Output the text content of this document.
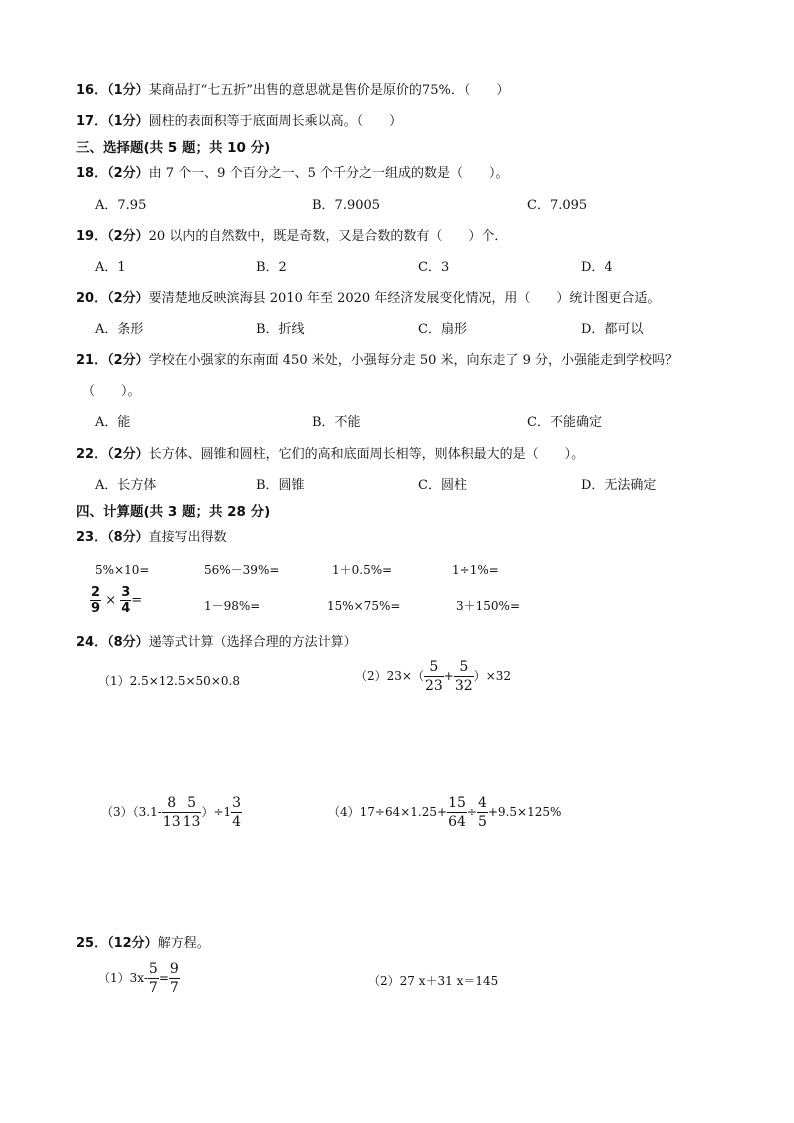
16．（1分）某商品打“七五折”出售的意思就是售价是原价的75%．（　　）
17．（1分）圆柱的表面积等于底面周长乘以高。（　　）
三、选择题(共 5 题；共 10 分)
18．（2分）由 7 个一、9 个百分之一、5 个千分之一组成的数是（　　）。
A．7.95	B．7.9005	C．7.095
19．（2分）20 以内的自然数中，既是奇数，又是合数的数有（　　）个．
A．1	B．2	C．3	D．4
20．（2分）要清楚地反映滨海县 2010 年至 2020 年经济发展变化情况，用（　　）统计图更合适。
A．条形	B．折线	C．扇形	D．都可以
21．（2分）学校在小强家的东南面 450 米处，小强每分走 50 米，向东走了 9 分，小强能走到学校吗？
（　　）。
A．能	B．不能	C．不能确定
22．（2分）长方体、圆锥和圆柱，它们的高和底面周长相等，则体积最大的是（　　）。
A．长方体	B．圆锥	C．圆柱	D．无法确定
四、计算题(共 3 题；共 28 分)
23．（8分）直接写出得数
5%×10=	56%－39%=	1＋0.5%=	1÷1%=
$\frac{2}{9} \times \frac{3}{4}$ =	1－98%=	15%×75%=	3＋150%=
24．（8分）递等式计算（选择合理的方法计算）
（1）2.5×12.5×50×0.8	$(2)23\times( \frac{5}{23} + \frac{5}{32} )\times 32$
$(3)(3.1- \frac{8}{13} \frac{5}{13} )\div 1 \frac{3}{4}$	$(4)17\div 64\times 1.25+ \frac{15}{64} \div \frac{4}{5} +9.5\times 125\%$
25．（12分）解方程。
$(1)3x- \frac{5}{7} = \frac{9}{7}$	（2）27 x＋31 x＝145
